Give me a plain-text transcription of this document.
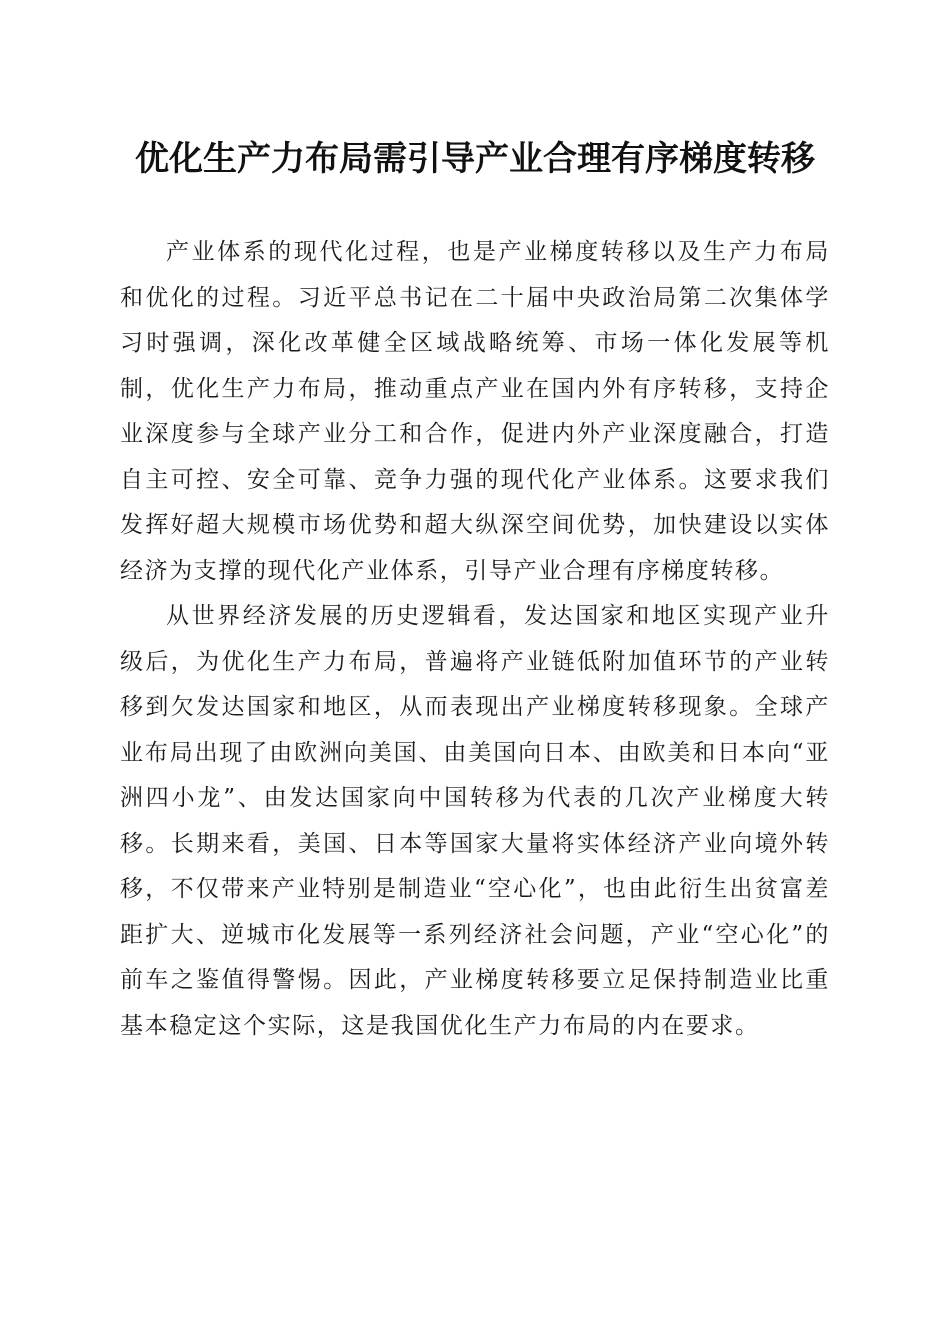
优化生产力布局需引导产业合理有序梯度转移

产业体系的现代化过程，也是产业梯度转移以及生产力布局和优化的过程。习近平总书记在二十届中央政治局第二次集体学习时强调，深化改革健全区域战略统筹、市场一体化发展等机制，优化生产力布局，推动重点产业在国内外有序转移，支持企业深度参与全球产业分工和合作，促进内外产业深度融合，打造自主可控、安全可靠、竞争力强的现代化产业体系。这要求我们发挥好超大规模市场优势和超大纵深空间优势，加快建设以实体经济为支撑的现代化产业体系，引导产业合理有序梯度转移。

从世界经济发展的历史逻辑看，发达国家和地区实现产业升级后，为优化生产力布局，普遍将产业链低附加值环节的产业转移到欠发达国家和地区，从而表现出产业梯度转移现象。全球产业布局出现了由欧洲向美国、由美国向日本、由欧美和日本向“亚洲四小龙”、由发达国家向中国转移为代表的几次产业梯度大转移。长期来看，美国、日本等国家大量将实体经济产业向境外转移，不仅带来产业特别是制造业“空心化”，也由此衍生出贫富差距扩大、逆城市化发展等一系列经济社会问题，产业“空心化”的前车之鉴值得警惕。因此，产业梯度转移要立足保持制造业比重基本稳定这个实际，这是我国优化生产力布局的内在要求。
